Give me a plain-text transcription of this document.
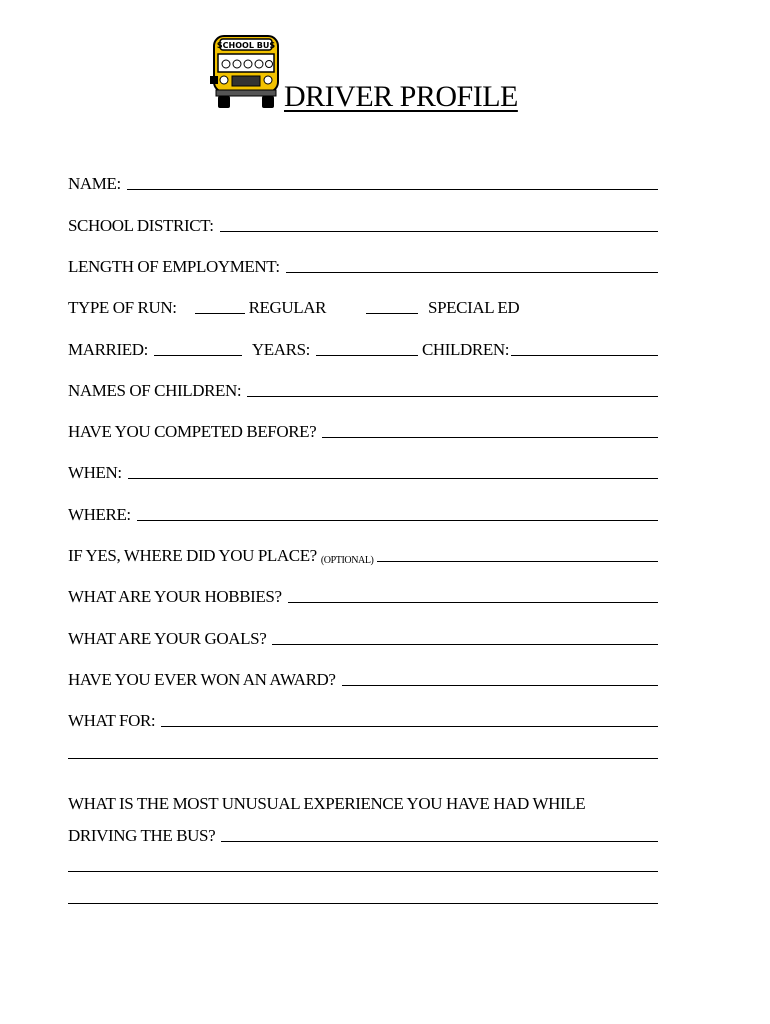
SCHOOL BUS
DRIVER PROFILE
NAME:
SCHOOL DISTRICT:
LENGTH OF EMPLOYMENT:
TYPE OF RUN:	REGULAR	SPECIAL ED
MARRIED:	YEARS:	CHILDREN:
NAMES OF CHILDREN:
HAVE YOU COMPETED BEFORE?
WHEN:
WHERE:
IF YES, WHERE DID YOU PLACE? (OPTIONAL)
WHAT ARE YOUR HOBBIES?
WHAT ARE YOUR GOALS?
HAVE YOU EVER WON AN AWARD?
WHAT FOR:
WHAT IS THE MOST UNUSUAL EXPERIENCE YOU HAVE HAD WHILE
DRIVING THE BUS?
